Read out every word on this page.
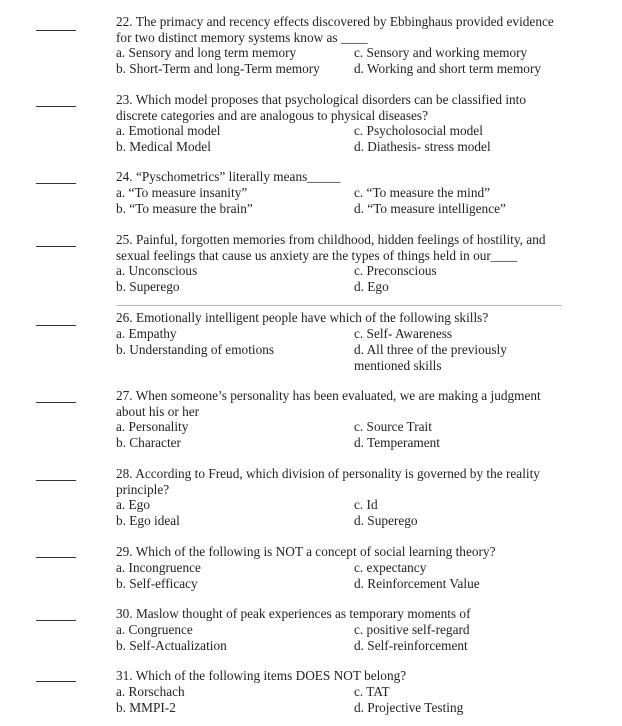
22. The primacy and recency effects discovered by Ebbinghaus provided evidence for two distinct memory systems know as ____
a. Sensory and long term memory	c. Sensory and working memory
b. Short-Term and long-Term memory	d. Working and short term memory
23. Which model proposes that psychological disorders can be classified into discrete categories and are analogous to physical diseases?
a. Emotional model	c. Psycholosocial model
b. Medical Model	d. Diathesis- stress model
24. “Pyschometrics” literally means_____
a. “To measure insanity”	c. “To measure the mind”
b. “To measure the brain”	d. “To measure intelligence”
25. Painful, forgotten memories from childhood, hidden feelings of hostility, and sexual feelings that cause us anxiety are the types of things held in our____
a. Unconscious	c. Preconscious
b. Superego	d. Ego
26. Emotionally intelligent people have which of the following skills?
a. Empathy	c. Self- Awareness
b. Understanding of emotions	d. All three of the previously mentioned skills
27. When someone’s personality has been evaluated, we are making a judgment about his or her
a. Personality	c. Source Trait
b. Character	d. Temperament
28. According to Freud, which division of personality is governed by the reality principle?
a. Ego	c. Id
b. Ego ideal	d. Superego
29. Which of the following is NOT a concept of social learning theory?
a. Incongruence	c. expectancy
b. Self-efficacy	d. Reinforcement Value
30. Maslow thought of peak experiences as temporary moments of
a. Congruence	c. positive self-regard
b. Self-Actualization	d. Self-reinforcement
31. Which of the following items DOES NOT belong?
a. Rorschach	c. TAT
b. MMPI-2	d. Projective Testing
